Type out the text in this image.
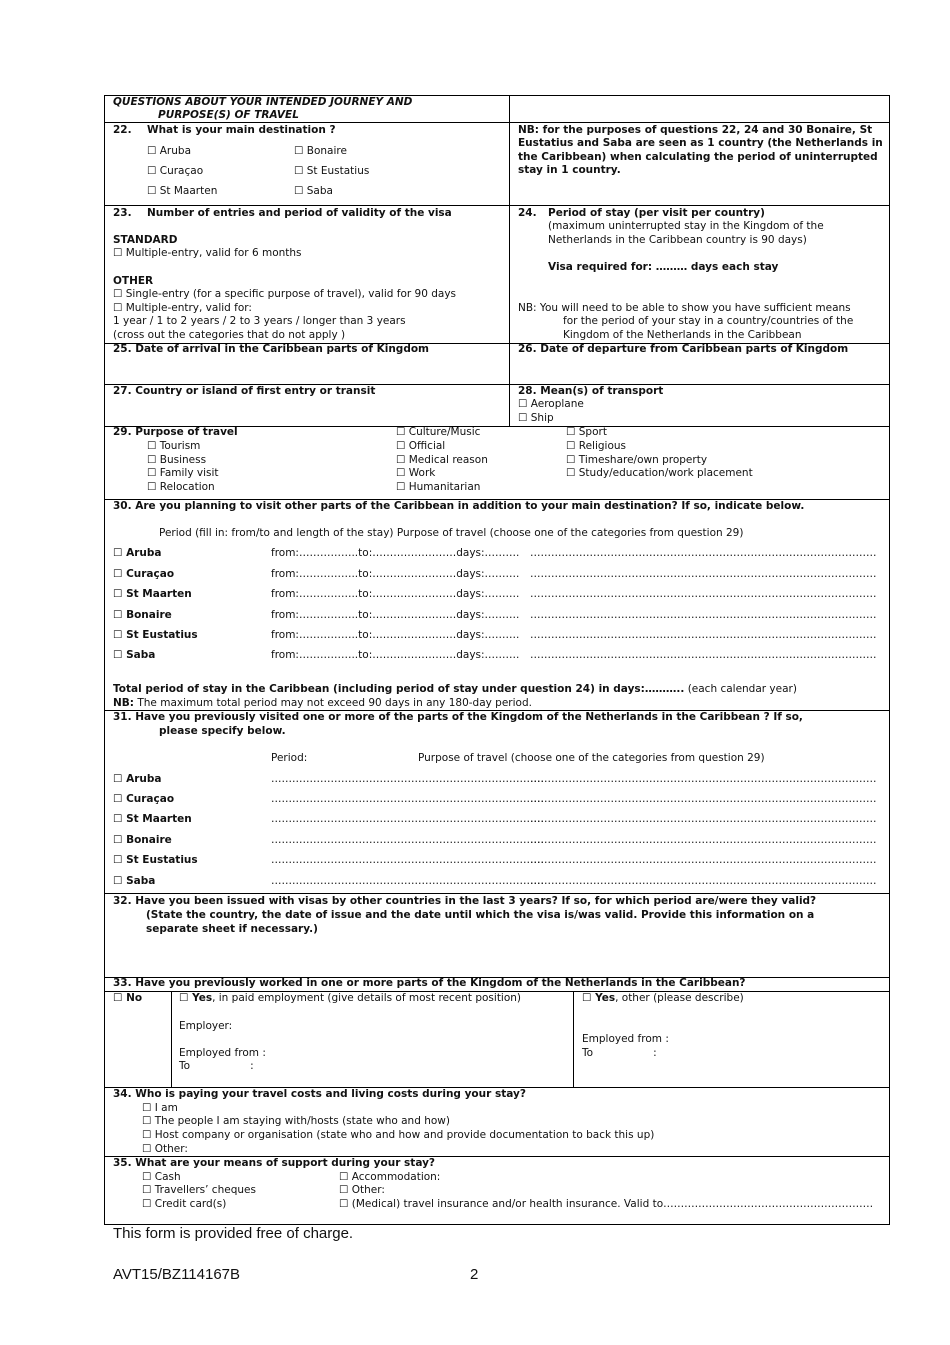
QUESTIONS ABOUT YOUR INTENDED JOURNEY AND
PURPOSE(S) OF TRAVEL
22. What is your main destination ?
☐ Aruba	☐ Bonaire
☐ Curaçao	☐ St Eustatius
☐ St Maarten	☐ Saba
NB: for the purposes of questions 22, 24 and 30 Bonaire, St Eustatius and Saba are seen as 1 country (the Netherlands in the Caribbean) when calculating the period of uninterrupted stay in 1 country.
23. Number of entries and period of validity of the visa
STANDARD
☐ Multiple-entry, valid for 6 months
OTHER
☐ Single-entry (for a specific purpose of travel), valid for 90 days
☐ Multiple-entry, valid for:
1 year / 1 to 2 years / 2 to 3 years / longer than 3 years
(cross out the categories that do not apply )
24. Period of stay (per visit per country)
(maximum uninterrupted stay in the Kingdom of the
Netherlands in the Caribbean country is 90 days)
Visa required for: ……… days each stay
NB: You will need to be able to show you have sufficient means
for the period of your stay in a country/countries of the
Kingdom of the Netherlands in the Caribbean
25. Date of arrival in the Caribbean parts of Kingdom	26. Date of departure from Caribbean parts of Kingdom
27. Country or island of first entry or transit	28. Mean(s) of transport
☐ Aeroplane
☐ Ship
29. Purpose of travel
☐ Tourism
☐ Business
☐ Family visit
☐ Relocation
☐ Culture/Music
☐ Official
☐ Medical reason
☐ Work
☐ Humanitarian
☐ Sport
☐ Religious
☐ Timeshare/own property
☐ Study/education/work placement
30. Are you planning to visit other parts of the Caribbean in addition to your main destination? If so, indicate below.
Period (fill in: from/to and length of the stay) Purpose of travel (choose one of the categories from question 29)
☐ Aruba	from:……………..to:……………………days:………. ………………………………………………………………………………………
☐ Curaçao	from:……………..to:……………………days:………. ………………………………………………………………………………………
☐ St Maarten	from:……………..to:……………………days:………. ………………………………………………………………………………………
☐ Bonaire	from:……………..to:……………………days:………. ………………………………………………………………………………………
☐ St Eustatius	from:……………..to:……………………days:………. ………………………………………………………………………………………
☐ Saba	from:……………..to:……………………days:………. ………………………………………………………………………………………
Total period of stay in the Caribbean (including period of stay under question 24) in days:……….. (each calendar year)
NB: The maximum total period may not exceed 90 days in any 180-day period.
31. Have you previously visited one or more of the parts of the Kingdom of the Netherlands in the Caribbean ? If so,
please specify below.
Period:	Purpose of travel (choose one of the categories from question 29)
☐ Aruba	……………………………………………………………………
………………………………………………………………………………………
☐ Curaçao	……………………………………………………………………
………………………………………………………………………………………
☐ St Maarten	……………………………………………………………………
………………………………………………………………………………………
☐ Bonaire	……………………………………………………………………
………………………………………………………………………………………
☐ St Eustatius	……………………………………………………………………
………………………………………………………………………………………
☐ Saba	……………………………………………………………………
………………………………………………………………………………………
32. Have you been issued with visas by other countries in the last 3 years? If so, for which period are/were they valid?
(State the country, the date of issue and the date until which the visa is/was valid. Provide this information on a
separate sheet if necessary.)
33. Have you previously worked in one or more parts of the Kingdom of the Netherlands in the Caribbean?
☐ No	☐ Yes, in paid employment (give details of most recent position)
Employer:
Employed from :
To                  :
☐ Yes, other (please describe)
Employed from :
To                  :
34. Who is paying your travel costs and living costs during your stay?
☐ I am
☐ The people I am staying with/hosts (state who and how)
☐ Host company or organisation (state who and how and provide documentation to back this up)
☐ Other:
35. What are your means of support during your stay?
☐ Cash
☐ Travellers’ cheques
☐ Credit card(s)
☐ Accommodation:
☐ Other:
☐ (Medical) travel insurance and/or health insurance. Valid to……………………………………………………
This form is provided free of charge.
AVT15/BZ114167B	2
